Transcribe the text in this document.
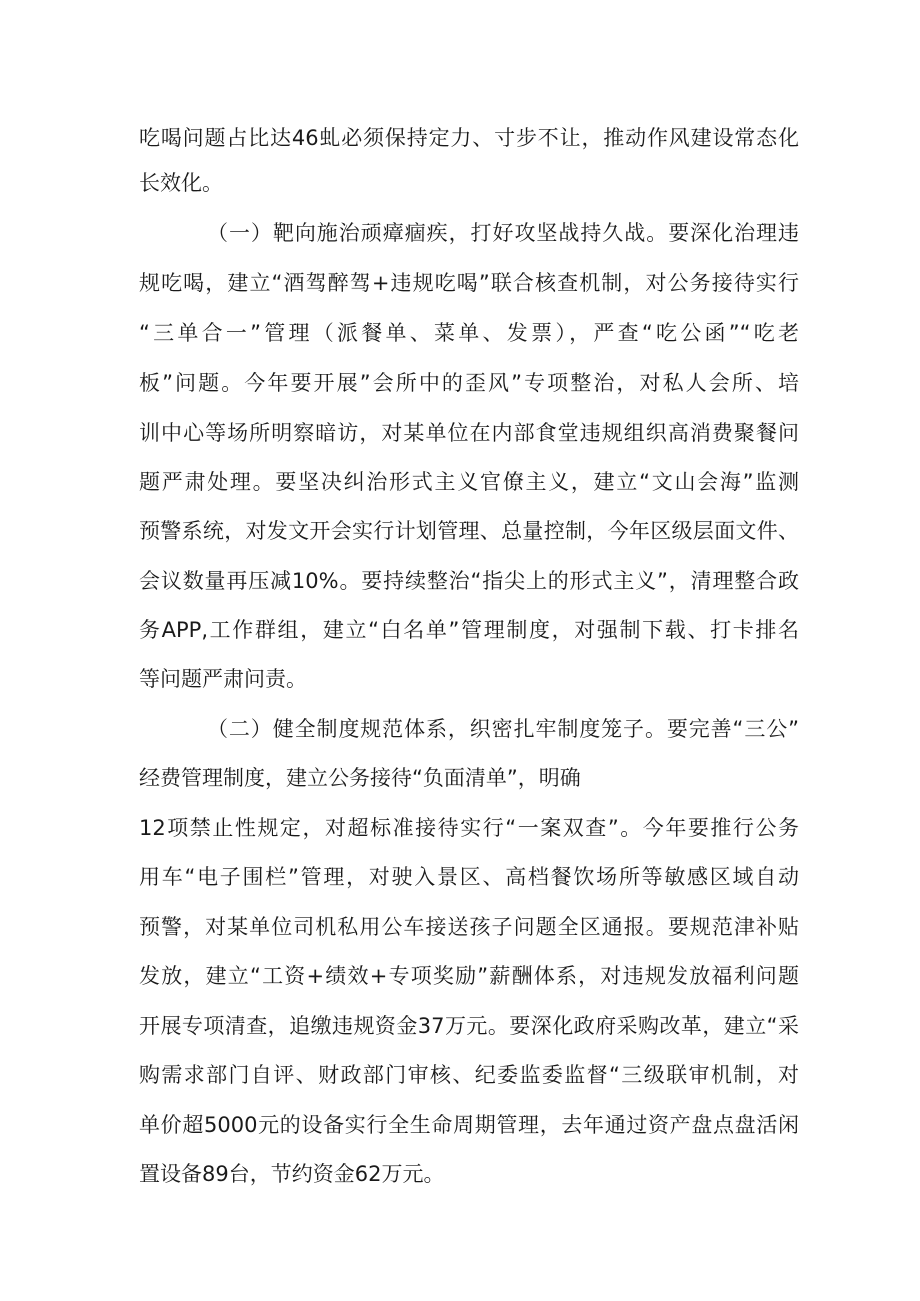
吃喝问题占比达46虬必须保持定力、寸步不让，推动作风建设常态化
长效化。
（一）靶向施治顽瘴痼疾，打好攻坚战持久战。要深化治理违
规吃喝，建立“酒驾醉驾+违规吃喝”联合核查机制，对公务接待实行
“三单合一”管理（派餐单、菜单、发票），严查“吃公函”“吃老
板”问题。今年要开展”会所中的歪风”专项整治，对私人会所、培
训中心等场所明察暗访，对某单位在内部食堂违规组织高消费聚餐问
题严肃处理。要坚决纠治形式主义官僚主义，建立“文山会海”监测
预警系统，对发文开会实行计划管理、总量控制，今年区级层面文件、
会议数量再压减10%。要持续整治“指尖上的形式主义”，清理整合政
务APP,工作群组，建立“白名单”管理制度，对强制下载、打卡排名
等问题严肃问责。
（二）健全制度规范体系，织密扎牢制度笼子。要完善“三公”
经费管理制度，建立公务接待“负面清单”，明确
12项禁止性规定，对超标准接待实行“一案双查”。今年要推行公务
用车“电子围栏”管理，对驶入景区、高档餐饮场所等敏感区域自动
预警，对某单位司机私用公车接送孩子问题全区通报。要规范津补贴
发放，建立“工资+绩效+专项奖励”薪酬体系，对违规发放福利问题
开展专项清查，追缴违规资金37万元。要深化政府采购改革，建立“采
购需求部门自评、财政部门审核、纪委监委监督“三级联审机制，对
单价超5000元的设备实行全生命周期管理，去年通过资产盘点盘活闲
置设备89台，节约资金62万元。
